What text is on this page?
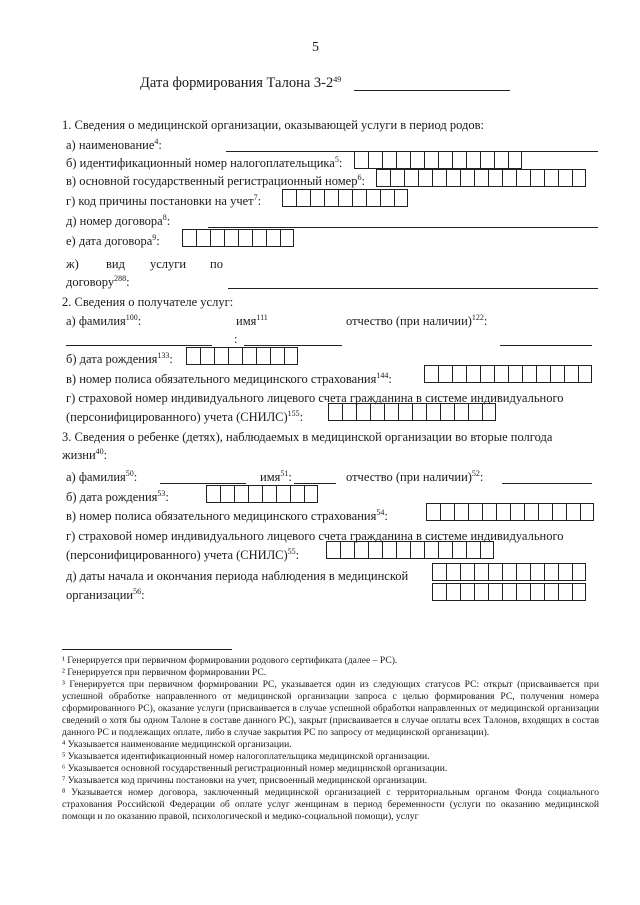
5
Дата формирования Талона $3-2^{49}$
1. Сведения о медицинской организации, оказывающей услуги в период родов:
а) наименование$^4$:
б) идентификационный номер налогоплательщика$^5$:
в) основной государственный регистрационный номер$^6$:
г) код причины постановки на учет$^7$:
д) номер договора$^8$:
е) дата договора$^9$:
ж) вид услуги по
договору$^{288}$:
2. Сведения о получателе услуг:
а) фамилия$^{100}$:	имя$^{111}$	отчество (при наличии)$^{122}$:
:
б) дата рождения$^{133}$:
в) номер полиса обязательного медицинского страхования$^{144}$:
г) страховой номер индивидуального лицевого счета гражданина в системе индивидуального
(персонифицированного) учета (СНИЛС)$^{155}$:
3. Сведения о ребенке (детях), наблюдаемых в медицинской организации во вторые полгода
жизни$^{40}$:
а) фамилия$^{50}$:	имя$^{51}$:	отчество (при наличии)$^{52}$:
б) дата рождения$^{53}$:
в) номер полиса обязательного медицинского страхования$^{54}$:
г) страховой номер индивидуального лицевого счета гражданина в системе индивидуального
(персонифицированного) учета (СНИЛС)$^{55}$:
д) даты начала и окончания периода наблюдения в медицинской
организации$^{56}$:

¹ Генерируется при первичном формировании родового сертификата (далее – РС).

² Генерируется при первичном формировании РС.

³ Генерируется при первичном формировании РС, указывается один из следующих статусов РС: открыт (присваивается при успешной обработке направленного от медицинской организации запроса с целью формирования РС, получения номера сформированного РС), оказание услуги (присваивается в случае успешной обработки направленных от медицинской организации сведений о хотя бы одном Талоне в составе данного РС), закрыт (присваивается в случае оплаты всех Талонов, входящих в состав данного РС и подлежащих оплате, либо в случае закрытия РС по запросу от медицинской организации).

⁴ Указывается наименование медицинской организации.

⁵ Указывается идентификационный номер налогоплательщика медицинской организации.

⁶ Указывается основной государственный регистрационный номер медицинской организации.

⁷ Указывается код причины постановки на учет, присвоенный медицинской организации.

⁸ Указывается номер договора, заключенный медицинской организацией с территориальным органом Фонда социального страхования Российской Федерации об оплате услуг женщинам в период беременности (услуги по оказанию медицинской помощи и по оказанию правой, психологической и медико-социальной помощи), услуг
